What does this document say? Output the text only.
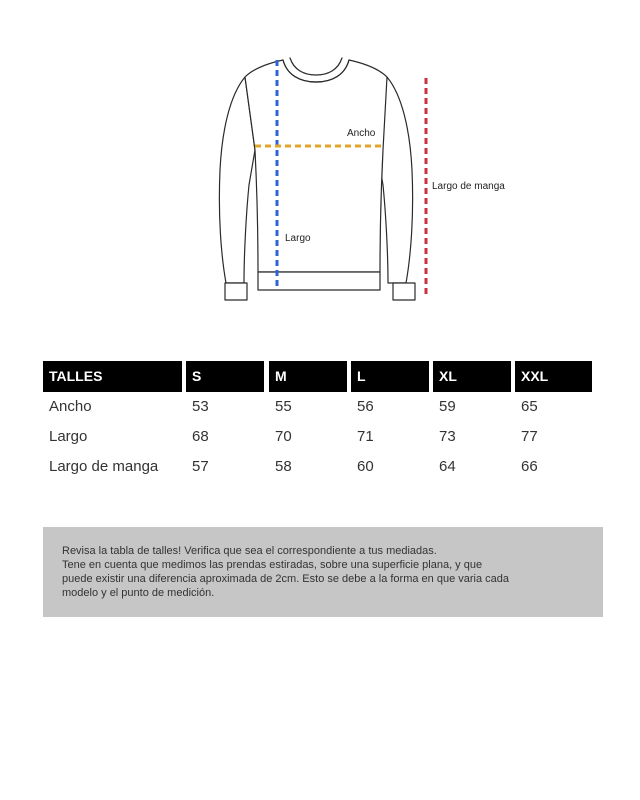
Ancho
Largo
Largo de manga
TALLES	S	M	L	XL	XXL
Ancho	53	55	56	59	65
Largo	68	70	71	73	77
Largo de manga	57	58	60	64	66

Revisa la tabla de talles! Verifica que sea el correspondiente a tus mediadas.

Tene en cuenta que medimos las prendas estiradas, sobre una superficie plana, y que

puede existir una diferencia aproximada de 2cm. Esto se debe a la forma en que varia cada

modelo y el punto de medición.
